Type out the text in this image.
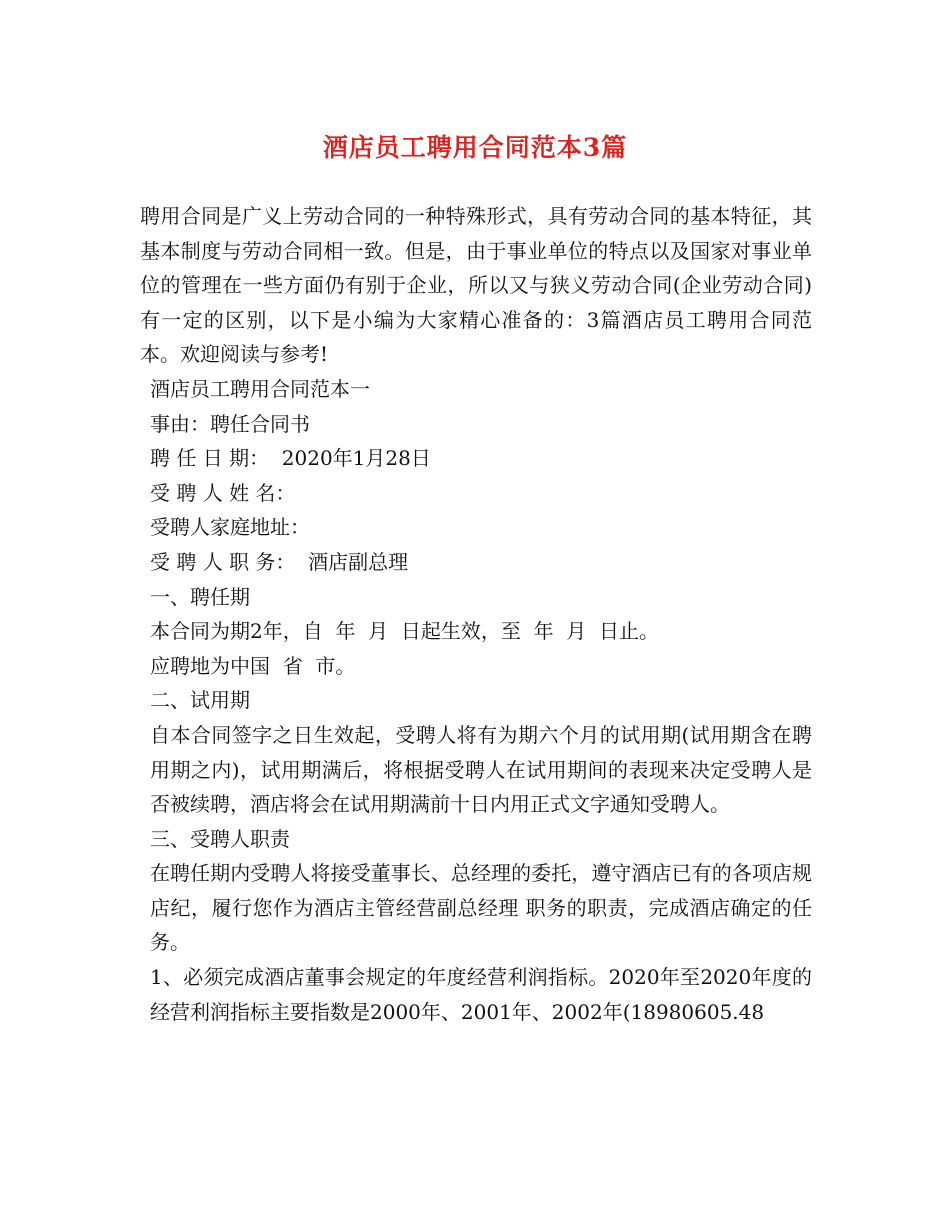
酒店员工聘用合同范本3篇

聘用合同是广义上劳动合同的一种特殊形式，具有劳动合同的基本特征，其基本制度与劳动合同相一致。但是，由于事业单位的特点以及国家对事业单位的管理在一些方面仍有别于企业，所以又与狭义劳动合同(企业劳动合同)有一定的区别，以下是小编为大家精心准备的：3篇酒店员工聘用合同范本。欢迎阅读与参考!

酒店员工聘用合同范本一

事由：聘任合同书

聘 任 日 期：  2020年1月28日

受 聘 人 姓 名：

受聘人家庭地址：

受 聘 人 职 务：  酒店副总理

一、聘任期

本合同为期2年，自  年  月  日起生效，至  年  月  日止。

应聘地为中国  省  市。

二、试用期

自本合同签字之日生效起，受聘人将有为期六个月的试用期(试用期含在聘用期之内)，试用期满后，将根据受聘人在试用期间的表现来决定受聘人是否被续聘，酒店将会在试用期满前十日内用正式文字通知受聘人。

三、受聘人职责

在聘任期内受聘人将接受董事长、总经理的委托，遵守酒店已有的各项店规店纪，履行您作为酒店主管经营副总经理 职务的职责，完成酒店确定的任务。

1、必须完成酒店董事会规定的年度经营利润指标。2020年至2020年度的经营利润指标主要指数是2000年、2001年、2002年(18980605.48
